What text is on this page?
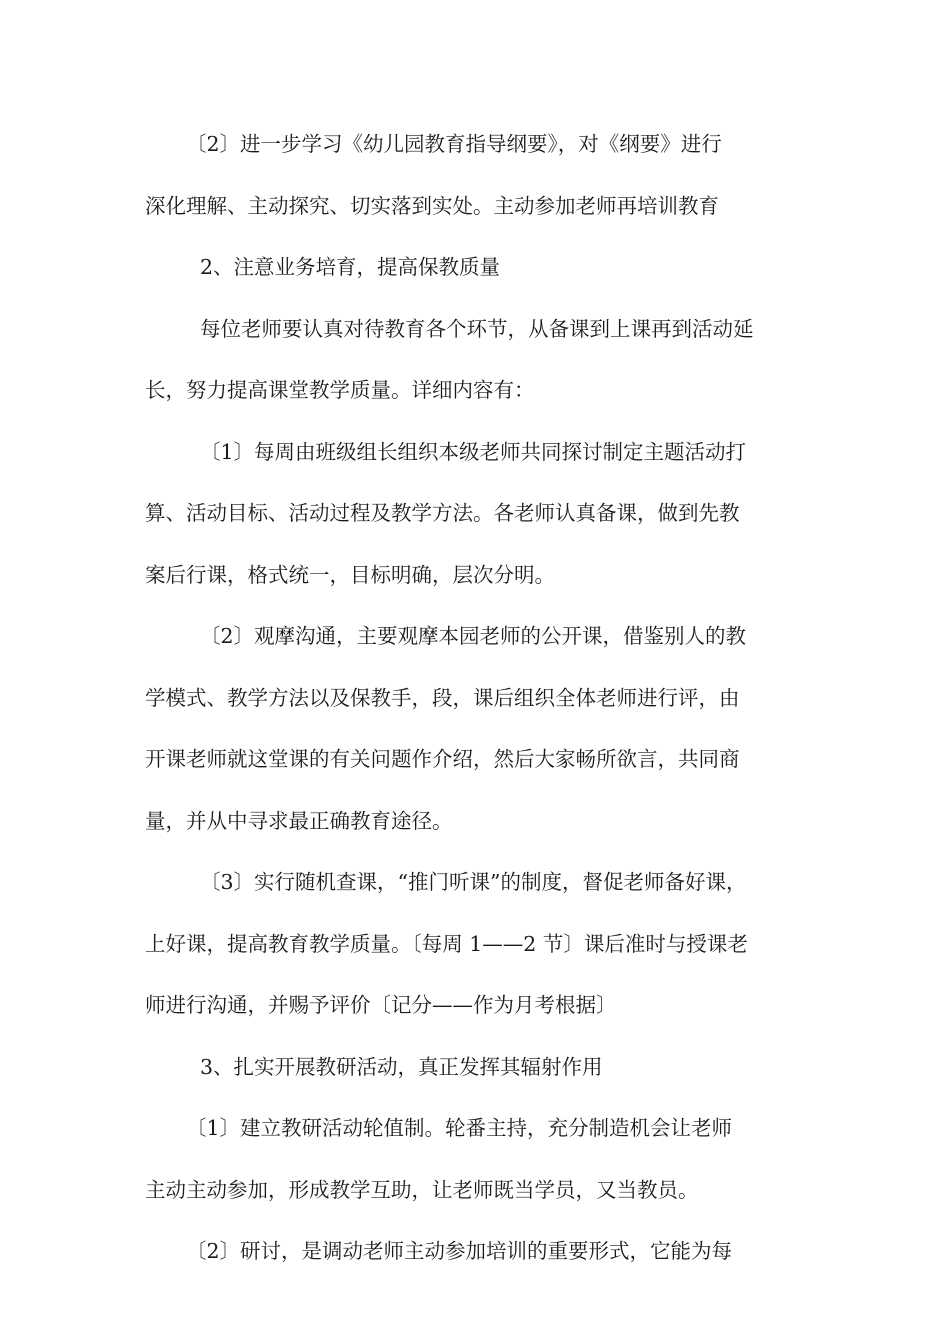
〔2〕进一步学习《幼儿园教育指导纲要》，对《纲要》进行

深化理解、主动探究、切实落到实处。主动参加老师再培训教育

2、注意业务培育，提高保教质量

每位老师要认真对待教育各个环节，从备课到上课再到活动延

长，努力提高课堂教学质量。详细内容有：

〔1〕每周由班级组长组织本级老师共同探讨制定主题活动打

算、活动目标、活动过程及教学方法。各老师认真备课，做到先教

案后行课，格式统一，目标明确，层次分明。

〔2〕观摩沟通，主要观摩本园老师的公开课，借鉴别人的教

学模式、教学方法以及保教手，段，课后组织全体老师进行评，由

开课老师就这堂课的有关问题作介绍，然后大家畅所欲言，共同商

量，并从中寻求最正确教育途径。

〔3〕实行随机查课，“推门听课”的制度，督促老师备好课，

上好课，提高教育教学质量。〔每周 1——2 节〕课后准时与授课老

师进行沟通，并赐予评价〔记分——作为月考根据〕

3、扎实开展教研活动，真正发挥其辐射作用

〔1〕建立教研活动轮值制。轮番主持，充分制造机会让老师

主动主动参加，形成教学互助，让老师既当学员，又当教员。

〔2〕研讨，是调动老师主动参加培训的重要形式，它能为每
